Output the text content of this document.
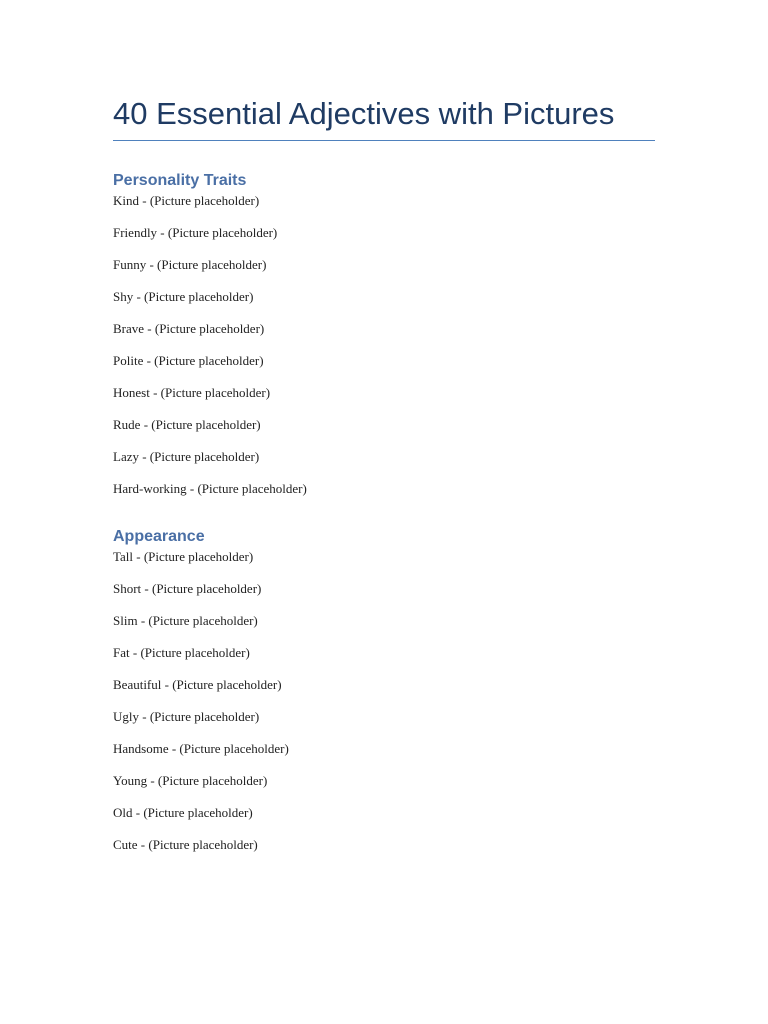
40 Essential Adjectives with Pictures
Personality Traits
Kind - (Picture placeholder)
Friendly - (Picture placeholder)
Funny - (Picture placeholder)
Shy - (Picture placeholder)
Brave - (Picture placeholder)
Polite - (Picture placeholder)
Honest - (Picture placeholder)
Rude - (Picture placeholder)
Lazy - (Picture placeholder)
Hard-working - (Picture placeholder)
Appearance
Tall - (Picture placeholder)
Short - (Picture placeholder)
Slim - (Picture placeholder)
Fat - (Picture placeholder)
Beautiful - (Picture placeholder)
Ugly - (Picture placeholder)
Handsome - (Picture placeholder)
Young - (Picture placeholder)
Old - (Picture placeholder)
Cute - (Picture placeholder)
